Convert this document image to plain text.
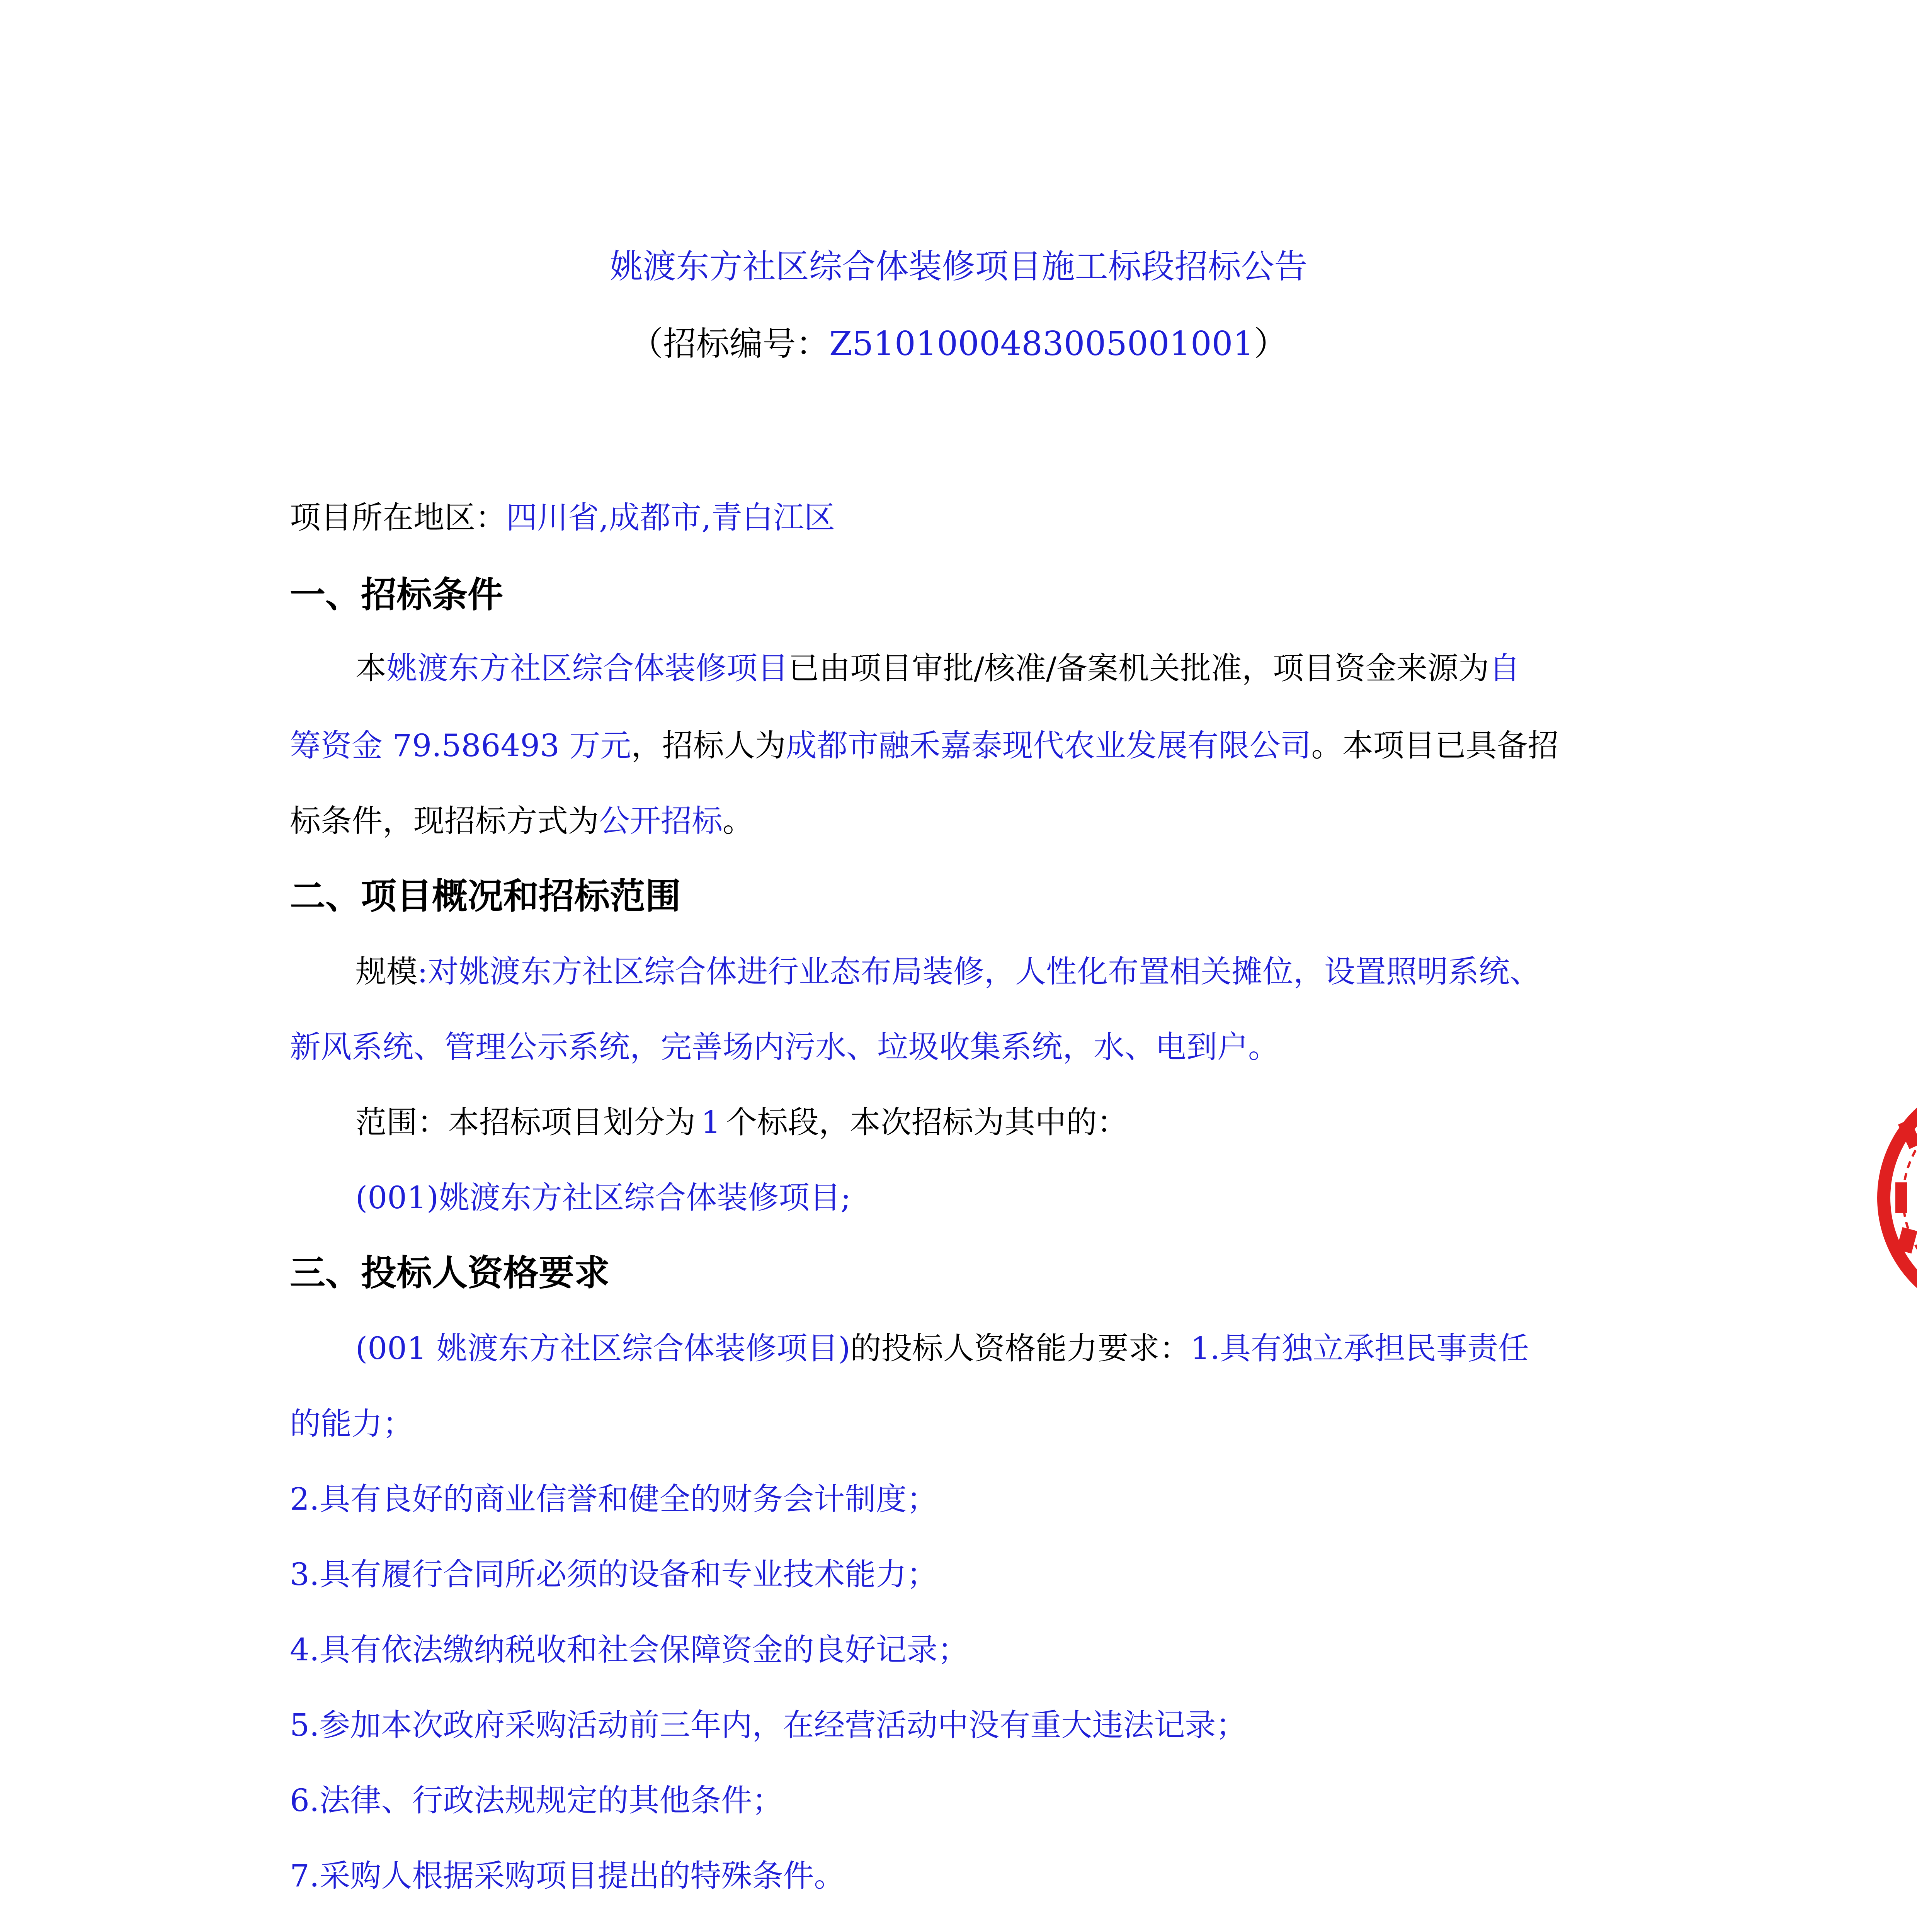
姚渡东方社区综合体装修项目施工标段招标公告
（招标编号：Z5101000483005001001）
项目所在地区：四川省,成都市,青白江区
一、招标条件
本姚渡东方社区综合体装修项目已由项目审批/核准/备案机关批准，项目资金来源为自
筹资金 79.586493 万元，招标人为成都市融禾嘉泰现代农业发展有限公司。本项目已具备招
标条件，现招标方式为公开招标。
二、项目概况和招标范围
规模:对姚渡东方社区综合体进行业态布局装修，人性化布置相关摊位，设置照明系统、
新风系统、管理公示系统，完善场内污水、垃圾收集系统，水、电到户。
范围：本招标项目划分为 1 个标段，本次招标为其中的：
(001)姚渡东方社区综合体装修项目;
三、投标人资格要求
(001 姚渡东方社区综合体装修项目)的投标人资格能力要求：1.具有独立承担民事责任
的能力；
2.具有良好的商业信誉和健全的财务会计制度；
3.具有履行合同所必须的设备和专业技术能力；
4.具有依法缴纳税收和社会保障资金的良好记录；
5.参加本次政府采购活动前三年内，在经营活动中没有重大违法记录；
6.法律、行政法规规定的其他条件；
7.采购人根据采购项目提出的特殊条件。
